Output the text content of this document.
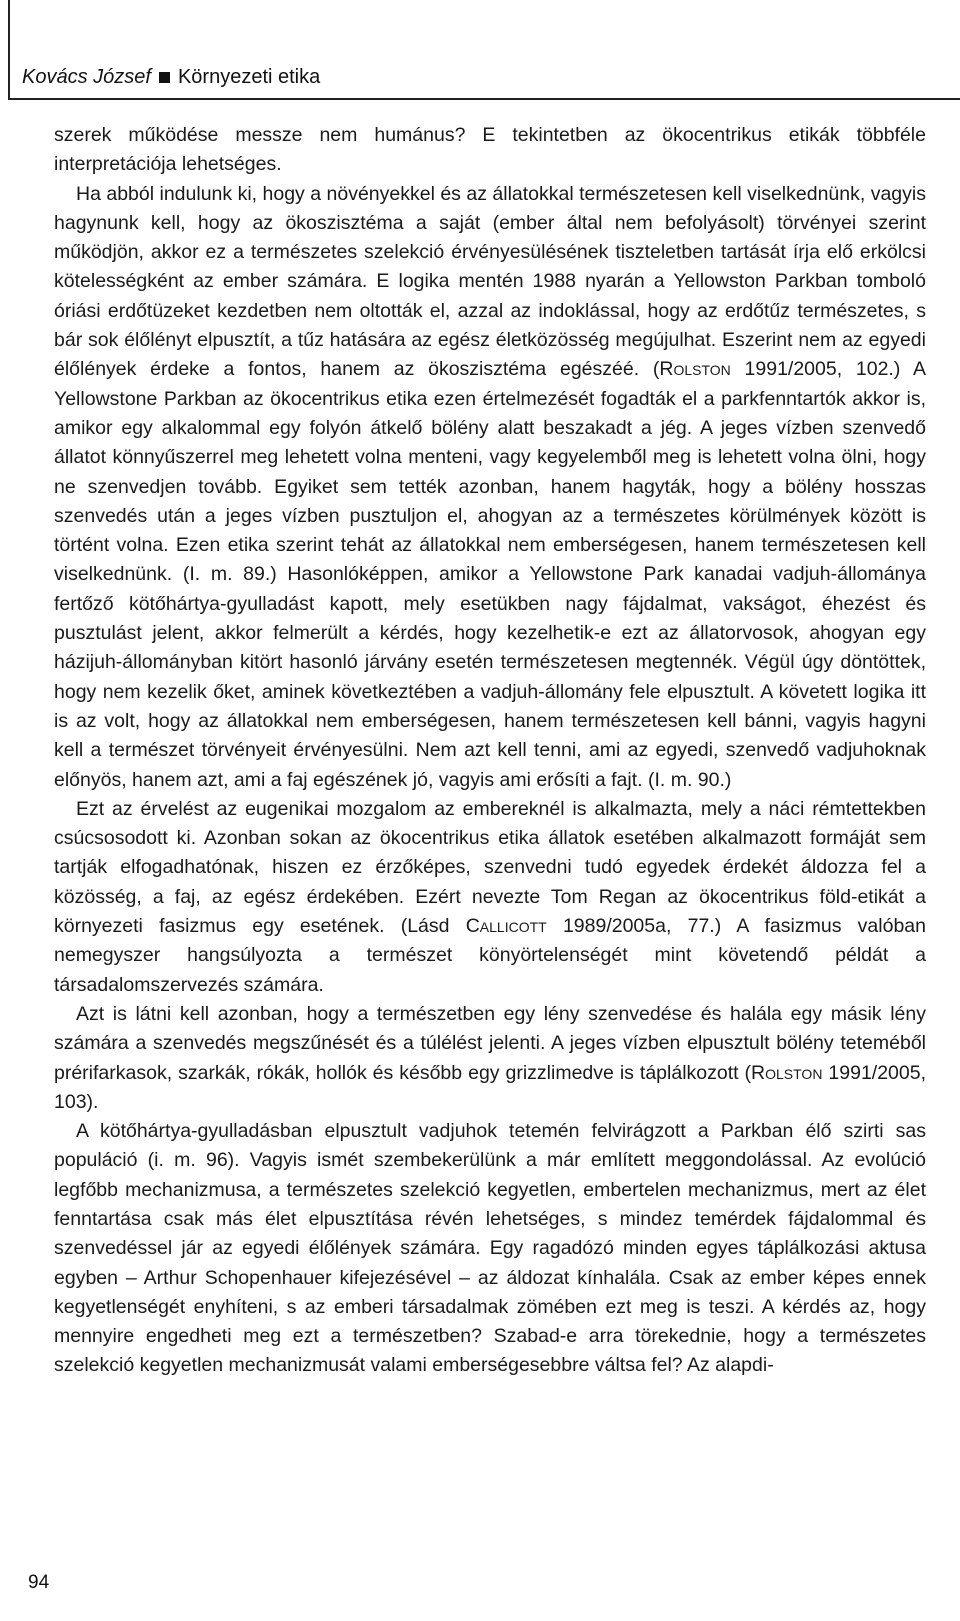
Kovács József Környezeti etika

szerek működése messze nem humánus? E tekintetben az ökocentrikus etikák többféle interpretációja lehetséges.

Ha abból indulunk ki, hogy a növényekkel és az állatokkal természetesen kell viselkednünk, vagyis hagynunk kell, hogy az ökoszisztéma a saját (ember által nem befolyásolt) törvényei szerint működjön, akkor ez a természetes szelekció érvényesülésének tiszteletben tartását írja elő erkölcsi kötelességként az ember számára. E logika mentén 1988 nyarán a Yellowston Parkban tomboló óriási erdőtüzeket kezdetben nem oltották el, azzal az indoklással, hogy az erdőtűz természetes, s bár sok élőlényt elpusztít, a tűz hatására az egész életközösség megújulhat. Eszerint nem az egyedi élőlények érdeke a fontos, hanem az ökoszisztéma egészéé. (Rolston 1991/2005, 102.) A Yellowstone Parkban az ökocentrikus etika ezen értelmezését fogadták el a parkfenntartók akkor is, amikor egy alkalommal egy folyón átkelő bölény alatt beszakadt a jég. A jeges vízben szenvedő állatot könnyűszerrel meg lehetett volna menteni, vagy kegyelemből meg is lehetett volna ölni, hogy ne szenvedjen tovább. Egyiket sem tették azonban, hanem hagyták, hogy a bölény hosszas szenvedés után a jeges vízben pusztuljon el, ahogyan az a természetes körülmények között is történt volna. Ezen etika szerint tehát az állatokkal nem emberségesen, hanem természetesen kell viselkednünk. (I. m. 89.) Hasonlóképpen, amikor a Yellowstone Park kanadai vadjuh-állománya fertőző kötőhártya-gyulladást kapott, mely esetükben nagy fájdalmat, vakságot, éhezést és pusztulást jelent, akkor felmerült a kérdés, hogy kezelhetik-e ezt az állatorvosok, ahogyan egy házijuh-állományban kitört hasonló járvány esetén természetesen megtennék. Végül úgy döntöttek, hogy nem kezelik őket, aminek következtében a vadjuh-állomány fele elpusztult. A követett logika itt is az volt, hogy az állatokkal nem emberségesen, hanem természetesen kell bánni, vagyis hagyni kell a természet törvényeit érvényesülni. Nem azt kell tenni, ami az egyedi, szenvedő vadjuhoknak előnyös, hanem azt, ami a faj egészének jó, vagyis ami erősíti a fajt. (I. m. 90.)

Ezt az érvelést az eugenikai mozgalom az embereknél is alkalmazta, mely a náci rémtettekben csúcsosodott ki. Azonban sokan az ökocentrikus etika állatok esetében alkalmazott formáját sem tartják elfogadhatónak, hiszen ez érzőképes, szenvedni tudó egyedek érdekét áldozza fel a közösség, a faj, az egész érdekében. Ezért nevezte Tom Regan az ökocentrikus föld-etikát a környezeti fasizmus egy esetének. (Lásd Callicott 1989/2005a, 77.) A fasizmus valóban nemegyszer hangsúlyozta a természet könyörtelenségét mint követendő példát a társadalomszervezés számára.

Azt is látni kell azonban, hogy a természetben egy lény szenvedése és halála egy másik lény számára a szenvedés megszűnését és a túlélést jelenti. A jeges vízben elpusztult bölény teteméből prérifarkasok, szarkák, rókák, hollók és később egy grizzlimedve is táplálkozott (Rolston 1991/2005, 103).

A kötőhártya-gyulladásban elpusztult vadjuhok tetemén felvirágzott a Parkban élő szirti sas populáció (i. m. 96). Vagyis ismét szembekerülünk a már említett meggondolással. Az evolúció legfőbb mechanizmusa, a természetes szelekció kegyetlen, embertelen mechanizmus, mert az élet fenntartása csak más élet elpusztítása révén lehetséges, s mindez temérdek fájdalommal és szenvedéssel jár az egyedi élőlények számára. Egy ragadózó minden egyes táplálkozási aktusa egyben – Arthur Schopenhauer kifejezésével – az áldozat kínhalála. Csak az ember képes ennek kegyetlenségét enyhíteni, s az emberi társadalmak zömében ezt meg is teszi. A kérdés az, hogy mennyire engedheti meg ezt a természetben? Szabad-e arra törekednie, hogy a természetes szelekció kegyetlen mechanizmusát valami emberségesebbre váltsa fel? Az alapdi-

94
